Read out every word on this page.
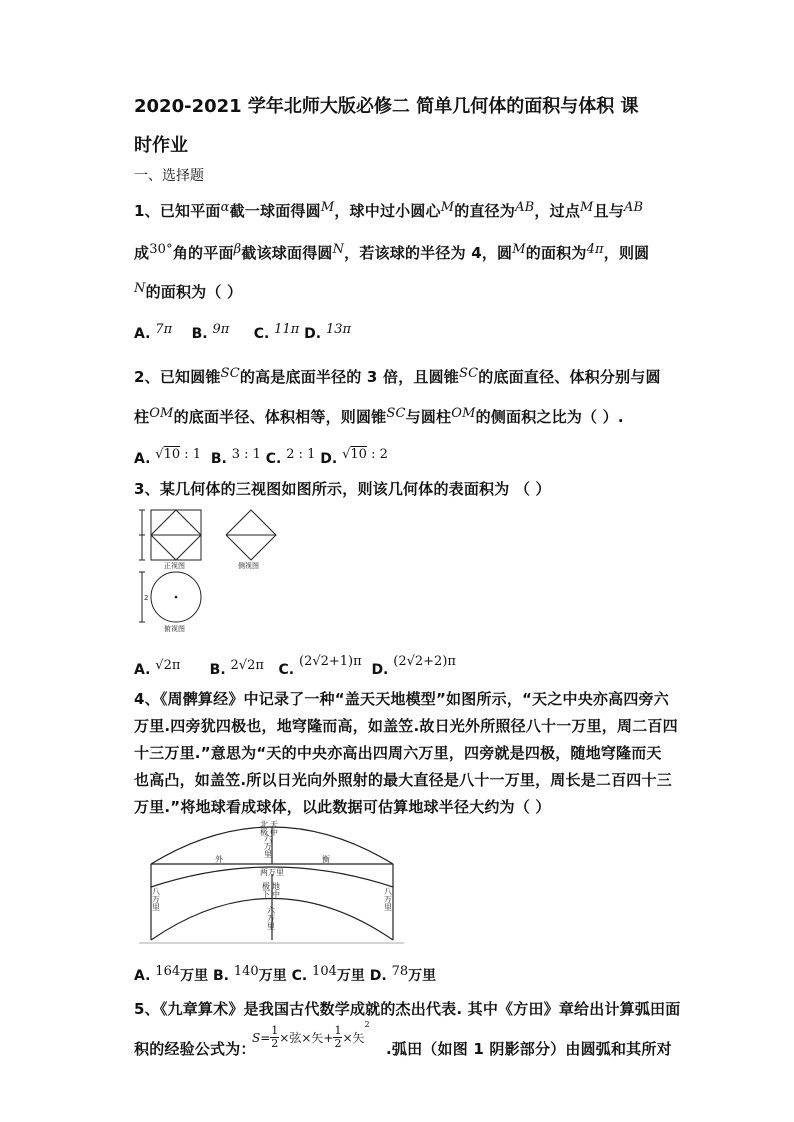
2020-2021 学年北师大版必修二 简单几何体的面积与体积 课
时作业
一、选择题
1、已知平面α截一球面得圆M，球中过小圆心M的直径为AB，过点M且与AB
成30°角的平面β截该球面得圆N，若该球的半径为 4，圆M的面积为4π，则圆
N的面积为（ ）
A. 7π B. 9π C. 11π D. 13π
2、已知圆锥SC的高是底面半径的 3 倍，且圆锥SC的底面直径、体积分别与圆
柱OM的底面半径、体积相等，则圆锥SC与圆柱OM的侧面积之比为（ ）.
A. √10 : 1 B. 3 : 1 C. 2 : 1 D. √10 : 2
3、某几何体的三视图如图所示，则该几何体的表面积为 （ ）
正视图	侧视图
2
俯视图
A. √2π B. 2√2π C. (2√2+1)π  D. (2√2+2)π
4、《周髀算经》中记录了一种“盖天天地模型”如图所示，“天之中央亦高四旁六
万里.四旁犹四极也，地穹隆而高，如盖笠.故日光外所照径八十一万里，周二百四
十三万里.”意思为“天的中央亦高出四周六万里，四旁就是四极，随地穹隆而天
也高凸，如盖笠.所以日光向外照射的最大直径是八十一万里，周长是二百四十三
万里.”将地球看成球体，以此数据可估算地球半径大约为（ ）
天中
北极
六万里
外	衡
两万里
地中
极下
六万里
八万里	八万里
A. 164万里 B. 140万里 C. 104万里 D. 78万里
5、《九章算术》是我国古代数学成就的杰出代表. 其中《方田》章给出计算弧田面
积的经验公式为：
$S= \frac{1}{2}$ ×弦×矢+ $\frac{1}{2}$ ×矢$^2$
.弧田（如图 1 阴影部分）由圆弧和其所对
